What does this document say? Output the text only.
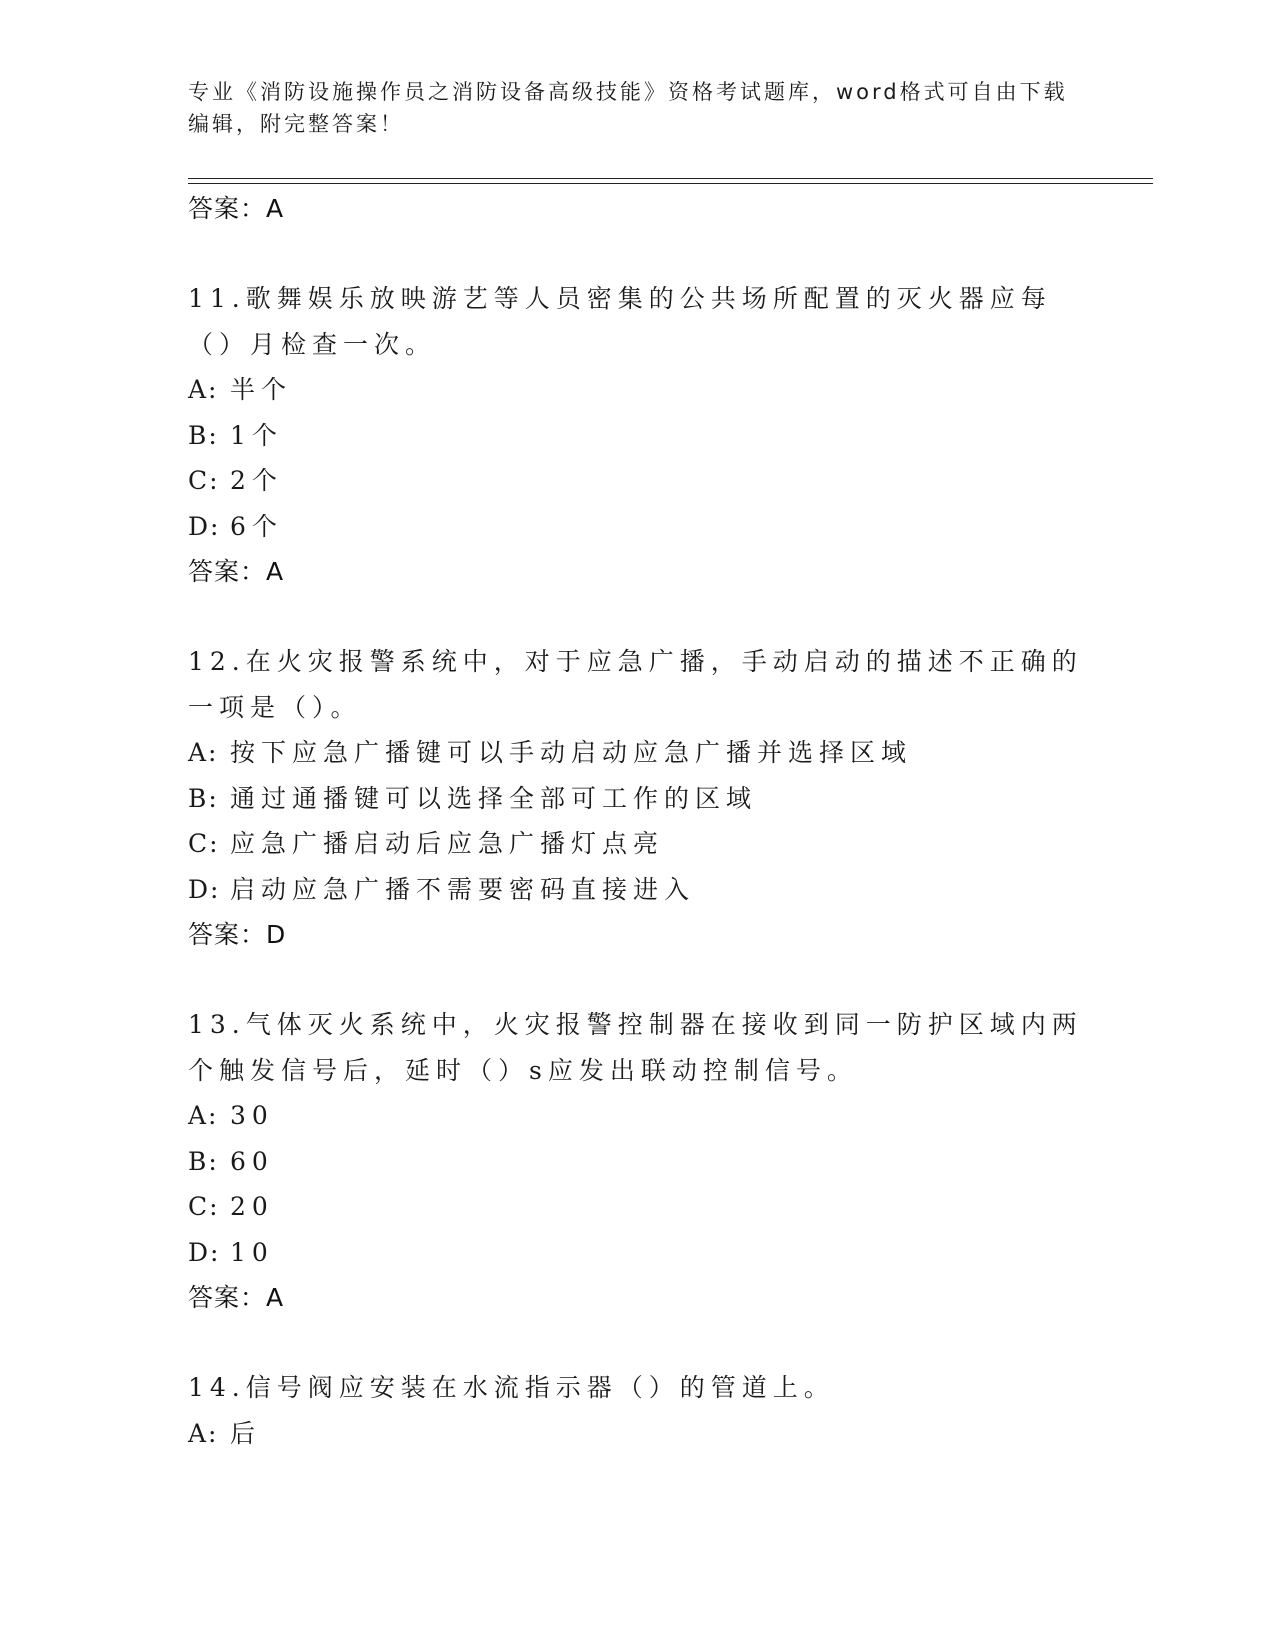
专业《消防设施操作员之消防设备高级技能》资格考试题库，word格式可自由下载编辑，附完整答案！
答案：A
11.歌舞娱乐放映游艺等人员密集的公共场所配置的灭火器应每（）月检查一次。
A: 半个
B: 1个
C: 2个
D: 6个
答案：A
12.在火灾报警系统中，对于应急广播，手动启动的描述不正确的一项是（）。
A: 按下应急广播键可以手动启动应急广播并选择区域
B: 通过通播键可以选择全部可工作的区域
C: 应急广播启动后应急广播灯点亮
D: 启动应急广播不需要密码直接进入
答案：D
13.气体灭火系统中，火灾报警控制器在接收到同一防护区域内两个触发信号后，延时（）s应发出联动控制信号。
A: 30
B: 60
C: 20
D: 10
答案：A
14.信号阀应安装在水流指示器（）的管道上。
A: 后
